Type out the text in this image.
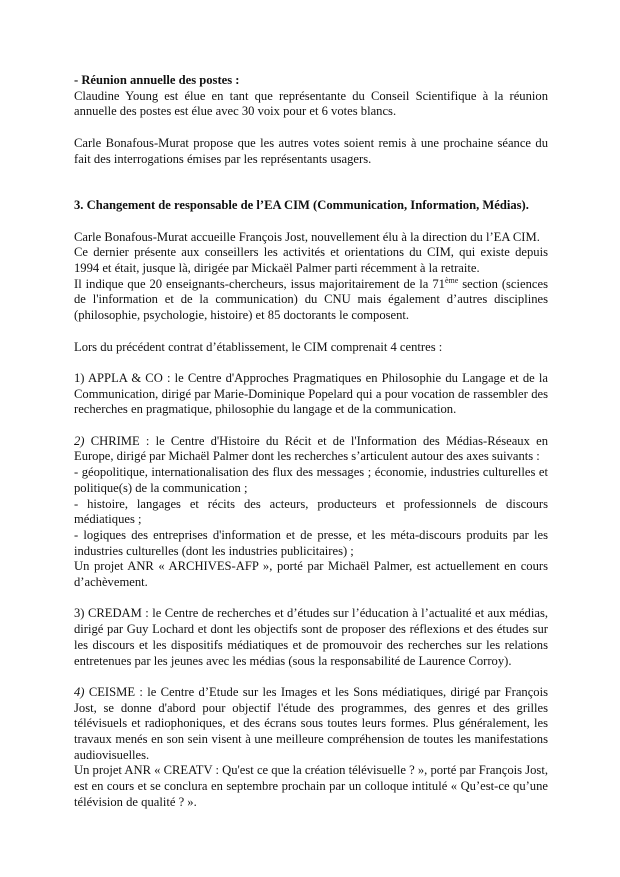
- Réunion annuelle des postes :

Claudine Young est élue en tant que représentante du Conseil Scientifique à la réunion annuelle des postes est élue avec 30 voix pour et 6 votes blancs.

Carle Bonafous-Murat propose que les autres votes soient remis à une prochaine séance du fait des interrogations émises par les représentants usagers.

3. Changement de responsable de l’EA CIM (Communication, Information, Médias).

Carle Bonafous-Murat accueille François Jost, nouvellement élu à la direction du l’EA CIM.
Ce dernier présente aux conseillers les activités et orientations du CIM, qui existe depuis 1994 et était, jusque là, dirigée par Mickaël Palmer parti récemment à la retraite.
Il indique que 20 enseignants-chercheurs, issus majoritairement de la 71ème section (sciences de l'information et de la communication) du CNU mais également d’autres disciplines (philosophie, psychologie, histoire) et 85 doctorants le composent.

Lors du précédent contrat d’établissement, le CIM comprenait 4 centres :

1) APPLA & CO : le Centre d'Approches Pragmatiques en Philosophie du Langage et de la Communication, dirigé par Marie-Dominique Popelard qui a pour vocation de rassembler des recherches en pragmatique, philosophie du langage et de la communication.

2) CHRIME : le Centre d'Histoire du Récit et de l'Information des Médias-Réseaux en Europe, dirigé par Michaël Palmer dont les recherches s’articulent autour des axes suivants :
- géopolitique, internationalisation des flux des messages ; économie, industries culturelles et politique(s) de la communication ;
- histoire, langages et récits des acteurs, producteurs et professionnels de discours médiatiques ;
- logiques des entreprises d'information et de presse, et les méta-discours produits par les industries culturelles (dont les industries publicitaires) ;
Un projet ANR « ARCHIVES-AFP », porté par Michaël Palmer, est actuellement en cours d’achèvement.

3) CREDAM : le Centre de recherches et d’études sur l’éducation à l’actualité et aux médias, dirigé par Guy Lochard et dont les objectifs sont de proposer des réflexions et des études sur les discours et les dispositifs médiatiques et de promouvoir des recherches sur les relations entretenues par les jeunes avec les médias (sous la responsabilité de Laurence Corroy).

4) CEISME : le Centre d’Etude sur les Images et les Sons médiatiques, dirigé par François Jost, se donne d'abord pour objectif l'étude des programmes, des genres et des grilles télévisuels et radiophoniques, et des écrans sous toutes leurs formes. Plus généralement, les travaux menés en son sein visent à une meilleure compréhension de toutes les manifestations audiovisuelles.
Un projet ANR « CREATV : Qu'est ce que la création télévisuelle ? », porté par François Jost, est en cours et se conclura en septembre prochain par un colloque intitulé « Qu’est-ce qu’une télévision de qualité ? ».
